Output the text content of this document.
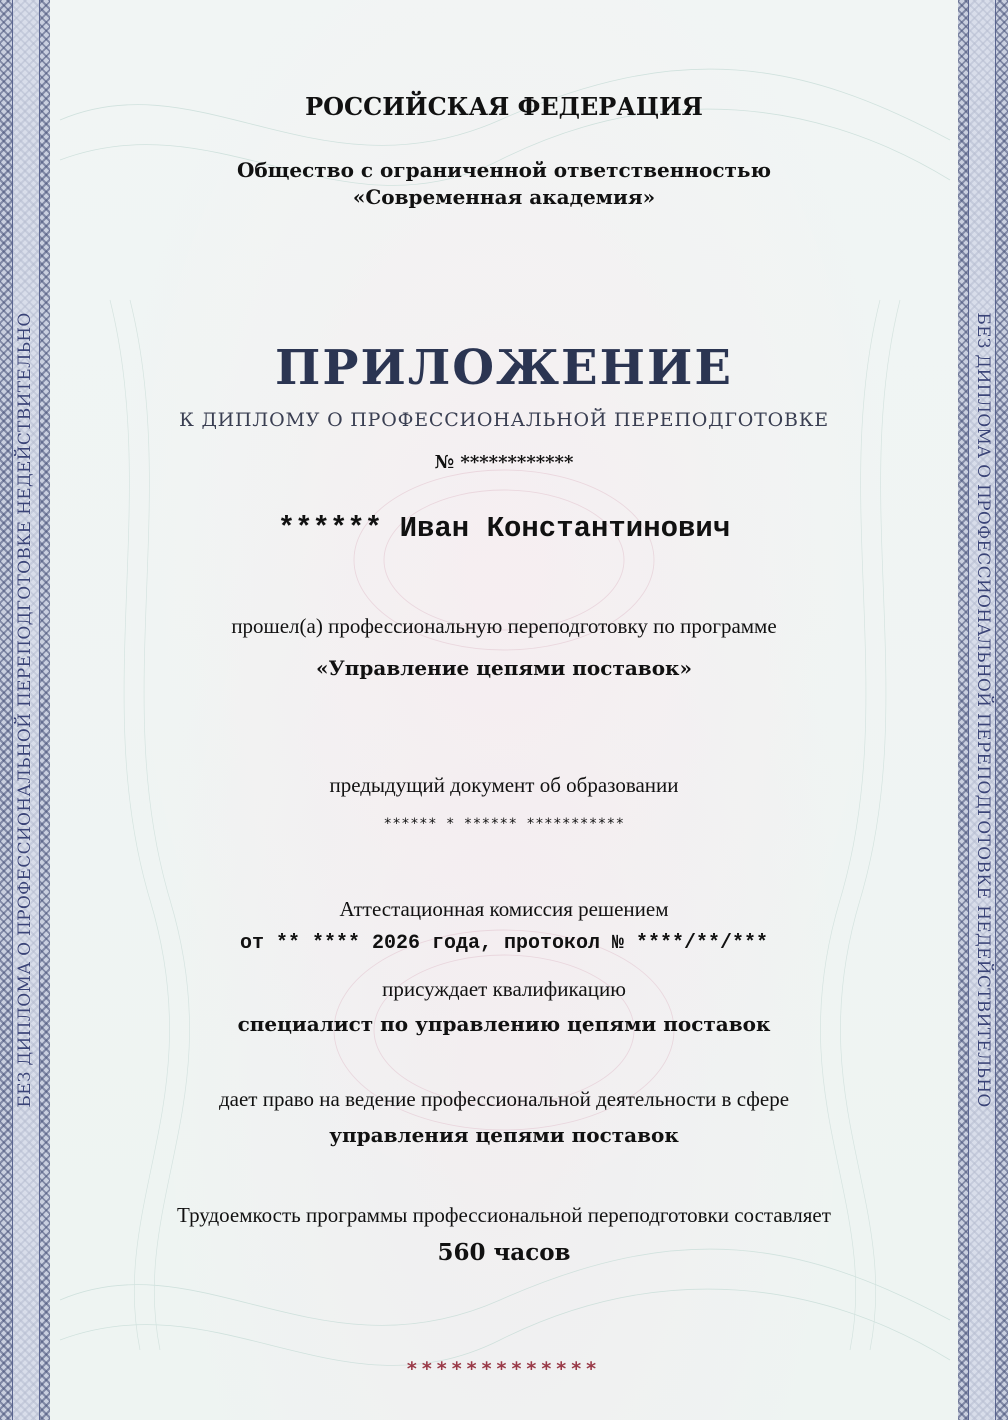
БЕЗ ДИПЛОМА О ПРОФЕССИОНАЛЬНОЙ ПЕРЕПОДГОТОВКЕ НЕДЕЙСТВИТЕЛЬНО	БЕЗ ДИПЛОМА О ПРОФЕССИОНАЛЬНОЙ ПЕРЕПОДГОТОВКЕ НЕДЕЙСТВИТЕЛЬНО
РОССИЙСКАЯ ФЕДЕРАЦИЯ
Общество с ограниченной ответственностью
«Современная академия»
ПРИЛОЖЕНИЕ
К ДИПЛОМУ О ПРОФЕССИОНАЛЬНОЙ ПЕРЕПОДГОТОВКЕ
№ ************
****** Иван Константинович
прошел(а) профессиональную переподготовку по программе
«Управление цепями поставок»
предыдущий документ об образовании
****** * ****** ***********
Аттестационная комиссия решением
от ** **** 2026 года, протокол № ****/**/***
присуждает квалификацию
специалист по управлению цепями поставок
дает право на ведение профессиональной деятельности в сфере
управления цепями поставок
Трудоемкость программы профессиональной переподготовки составляет
560 часов
*************
